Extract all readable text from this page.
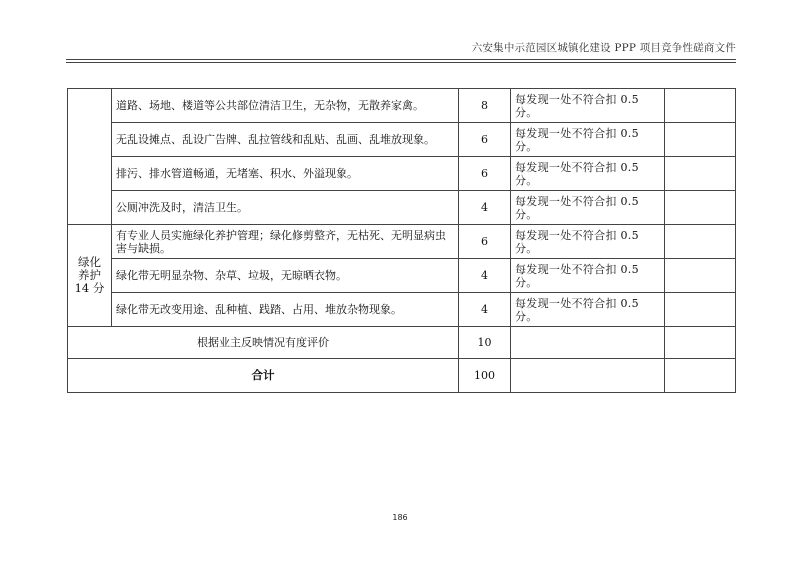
六安集中示范园区城镇化建设 PPP 项目竞争性磋商文件
	道路、场地、楼道等公共部位清洁卫生，无杂物，无散养家禽。	8	每发现一处不符合扣 0.5 分。	
	无乱设摊点、乱设广告牌、乱拉管线和乱贴、乱画、乱堆放现象。	6	每发现一处不符合扣 0.5 分。	
	排污、排水管道畅通，无堵塞、积水、外溢现象。	6	每发现一处不符合扣 0.5 分。	
	公厕冲洗及时，清洁卫生。	4	每发现一处不符合扣 0.5 分。	

绿化
养护
14 分	有专业人员实施绿化养护管理；绿化修剪整齐，无枯死、无明显病虫害与缺损。	6	每发现一处不符合扣 0.5 分。	
	绿化带无明显杂物、杂草、垃圾，无晾晒衣物。	4	每发现一处不符合扣 0.5 分。	
	绿化带无改变用途、乱种植、践踏、占用、堆放杂物现象。	4	每发现一处不符合扣 0.5 分。	
根据业主反映情况有度评价		10		
合计		100		
186
